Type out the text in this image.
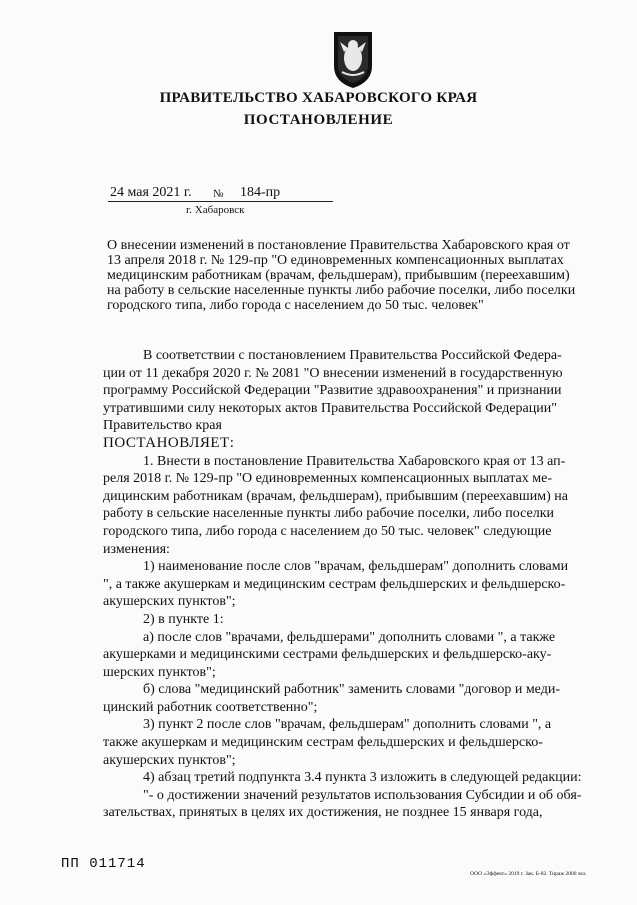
ПРАВИТЕЛЬСТВО ХАБАРОВСКОГО КРАЯ
ПОСТАНОВЛЕНИЕ
24 мая 2021 г. № 184-пр
г. Хабаровск
О внесении изменений в постановление Правительства Хабаровского края от
13 апреля 2018 г. № 129-пр "О единовременных компенсационных выплатах
медицинским работникам (врачам, фельдшерам), прибывшим (переехавшим)
на работу в сельские населенные пункты либо рабочие поселки, либо поселки
городского типа, либо города с населением до 50 тыс. человек"
В соответствии с постановлением Правительства Российской Федера-
ции от 11 декабря 2020 г. № 2081 "О внесении изменений в государственную
программу Российской Федерации "Развитие здравоохранения" и признании
утратившими силу некоторых актов Правительства Российской Федерации"
Правительство края
ПОСТАНОВЛЯЕТ:
1. Внести в постановление Правительства Хабаровского края от 13 ап-
реля 2018 г. № 129-пр "О единовременных компенсационных выплатах ме-
дицинским работникам (врачам, фельдшерам), прибывшим (переехавшим) на
работу в сельские населенные пункты либо рабочие поселки, либо поселки
городского типа, либо города с населением до 50 тыс. человек" следующие
изменения:
1) наименование после слов "врачам, фельдшерам" дополнить словами
", а также акушеркам и медицинским сестрам фельдшерских и фельдшерско-
акушерских пунктов";
2) в пункте 1:
а) после слов "врачами, фельдшерами" дополнить словами ", а также
акушерками и медицинскими сестрами фельдшерских и фельдшерско-аку-
шерских пунктов";
б) слова "медицинский работник" заменить словами "договор и меди-
цинский работник соответственно";
3) пункт 2 после слов "врачам, фельдшерам" дополнить словами ", а
также акушеркам и медицинским сестрам фельдшерских и фельдшерско-
акушерских пунктов";
4) абзац третий подпункта 3.4 пункта 3 изложить в следующей редакции:
"- о достижении значений результатов использования Субсидии и об обя-
зательствах, принятых в целях их достижения, не позднее 15 января года,
ПП 011714
ООО «Эффект» 2019 г. Зак. Б-82. Тираж 2000 экз.
